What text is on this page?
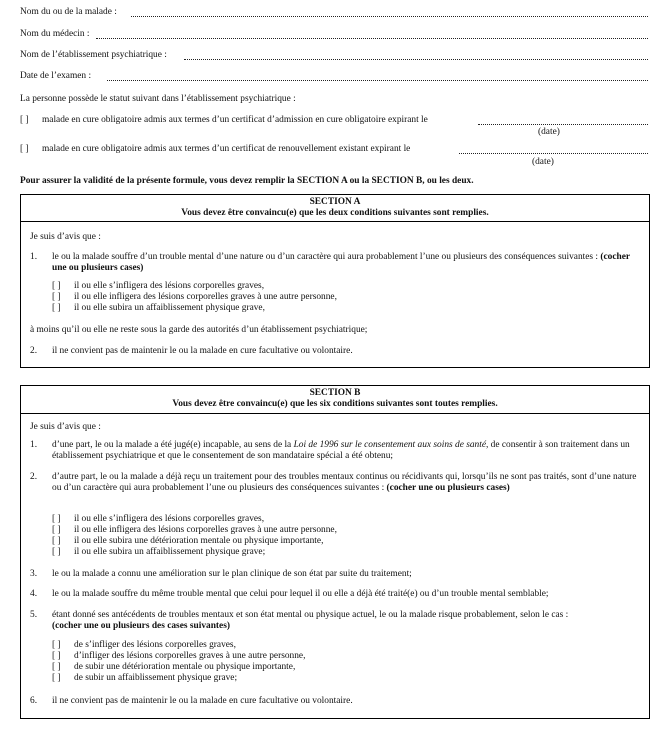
Nom du ou de la malade :
Nom du médecin :
Nom de l’établissement psychiatrique :
Date de l’examen :
La personne possède le statut suivant dans l’établissement psychiatrique :
[ ] malade en cure obligatoire admis aux termes d’un certificat d’admission en cure obligatoire expirant le
(date)
[ ] malade en cure obligatoire admis aux termes d’un certificat de renouvellement existant expirant le
(date)
Pour assurer la validité de la présente formule, vous devez remplir la SECTION A ou la SECTION B, ou les deux.
SECTION A
Vous devez être convaincu(e) que les deux conditions suivantes sont remplies.
Je suis d’avis que :
1. le ou la malade souffre d’un trouble mental d’une nature ou d’un caractère qui aura probablement l’une ou plusieurs des conséquences suivantes : (cocher une ou plusieurs cases)
[ ] il ou elle s’infligera des lésions corporelles graves,
[ ] il ou elle infligera des lésions corporelles graves à une autre personne,
[ ] il ou elle subira un affaiblissement physique grave,
à moins qu’il ou elle ne reste sous la garde des autorités d’un établissement psychiatrique;
2. il ne convient pas de maintenir le ou la malade en cure facultative ou volontaire.
SECTION B
Vous devez être convaincu(e) que les six conditions suivantes sont toutes remplies.
Je suis d’avis que :
1. d’une part, le ou la malade a été jugé(e) incapable, au sens de la Loi de 1996 sur le consentement aux soins de santé, de consentir à son traitement dans un établissement psychiatrique et que le consentement de son mandataire spécial a été obtenu;
2. d’autre part, le ou la malade a déjà reçu un traitement pour des troubles mentaux continus ou récidivants qui, lorsqu’ils ne sont pas traités, sont d’une nature ou d’un caractère qui aura probablement l’une ou plusieurs des conséquences suivantes : (cocher une ou plusieurs cases)
[ ] il ou elle s’infligera des lésions corporelles graves,
[ ] il ou elle infligera des lésions corporelles graves à une autre personne,
[ ] il ou elle subira une détérioration mentale ou physique importante,
[ ] il ou elle subira un affaiblissement physique grave;
3. le ou la malade a connu une amélioration sur le plan clinique de son état par suite du traitement;
4. le ou la malade souffre du même trouble mental que celui pour lequel il ou elle a déjà été traité(e) ou d’un trouble mental semblable;
5. étant donné ses antécédents de troubles mentaux et son état mental ou physique actuel, le ou la malade risque probablement, selon le cas :
(cocher une ou plusieurs des cases suivantes)
[ ] de s’infliger des lésions corporelles graves,
[ ] d’infliger des lésions corporelles graves à une autre personne,
[ ] de subir une détérioration mentale ou physique importante,
[ ] de subir un affaiblissement physique grave;
6. il ne convient pas de maintenir le ou la malade en cure facultative ou volontaire.
